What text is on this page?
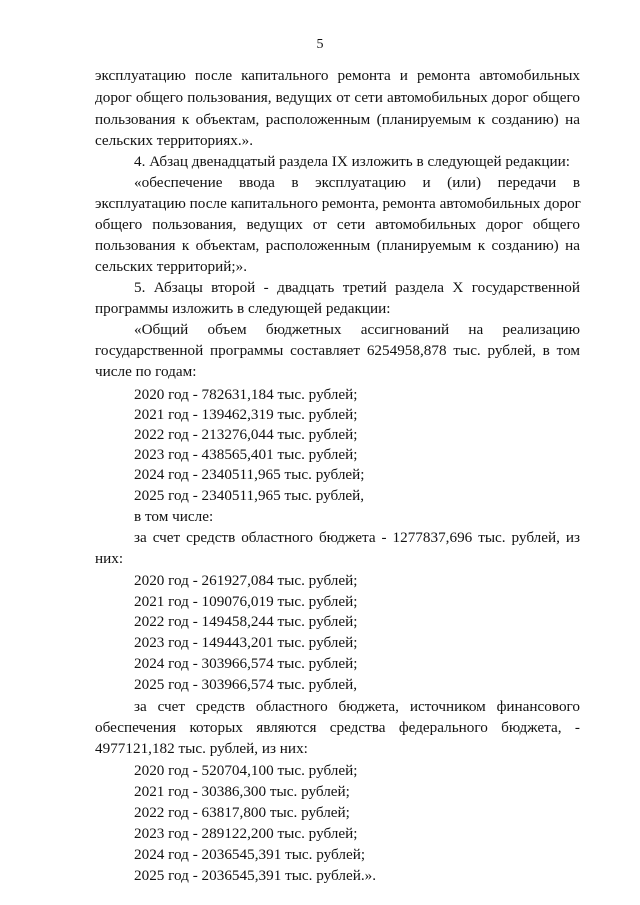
5
эксплуатацию после капитального ремонта и ремонта автомобильных
дорог общего пользования, ведущих от сети автомобильных дорог общего
пользования к объектам, расположенным (планируемым к созданию) на
сельских территориях.».
4. Абзац двенадцатый раздела IX изложить в следующей редакции:
«обеспечение ввода в эксплуатацию и (или) передачи в
эксплуатацию после капитального ремонта, ремонта автомобильных дорог
общего пользования, ведущих от сети автомобильных дорог общего
пользования к объектам, расположенным (планируемым к созданию) на
сельских территорий;».
5. Абзацы второй - двадцать третий раздела X государственной
программы изложить в следующей редакции:
«Общий объем бюджетных ассигнований на реализацию
государственной программы составляет 6254958,878 тыс. рублей, в том
числе по годам:
2020 год - 782631,184 тыс. рублей;
2021 год - 139462,319 тыс. рублей;
2022 год - 213276,044 тыс. рублей;
2023 год - 438565,401 тыс. рублей;
2024 год - 2340511,965 тыс. рублей;
2025 год - 2340511,965 тыс. рублей,
в том числе:
за счет средств областного бюджета - 1277837,696 тыс. рублей, из
них:
2020 год - 261927,084 тыс. рублей;
2021 год - 109076,019 тыс. рублей;
2022 год - 149458,244 тыс. рублей;
2023 год - 149443,201 тыс. рублей;
2024 год - 303966,574 тыс. рублей;
2025 год - 303966,574 тыс. рублей,
за счет средств областного бюджета, источником финансового
обеспечения которых являются средства федерального бюджета, -
4977121,182 тыс. рублей, из них:
2020 год - 520704,100 тыс. рублей;
2021 год - 30386,300 тыс. рублей;
2022 год - 63817,800 тыс. рублей;
2023 год - 289122,200 тыс. рублей;
2024 год - 2036545,391 тыс. рублей;
2025 год - 2036545,391 тыс. рублей.».
